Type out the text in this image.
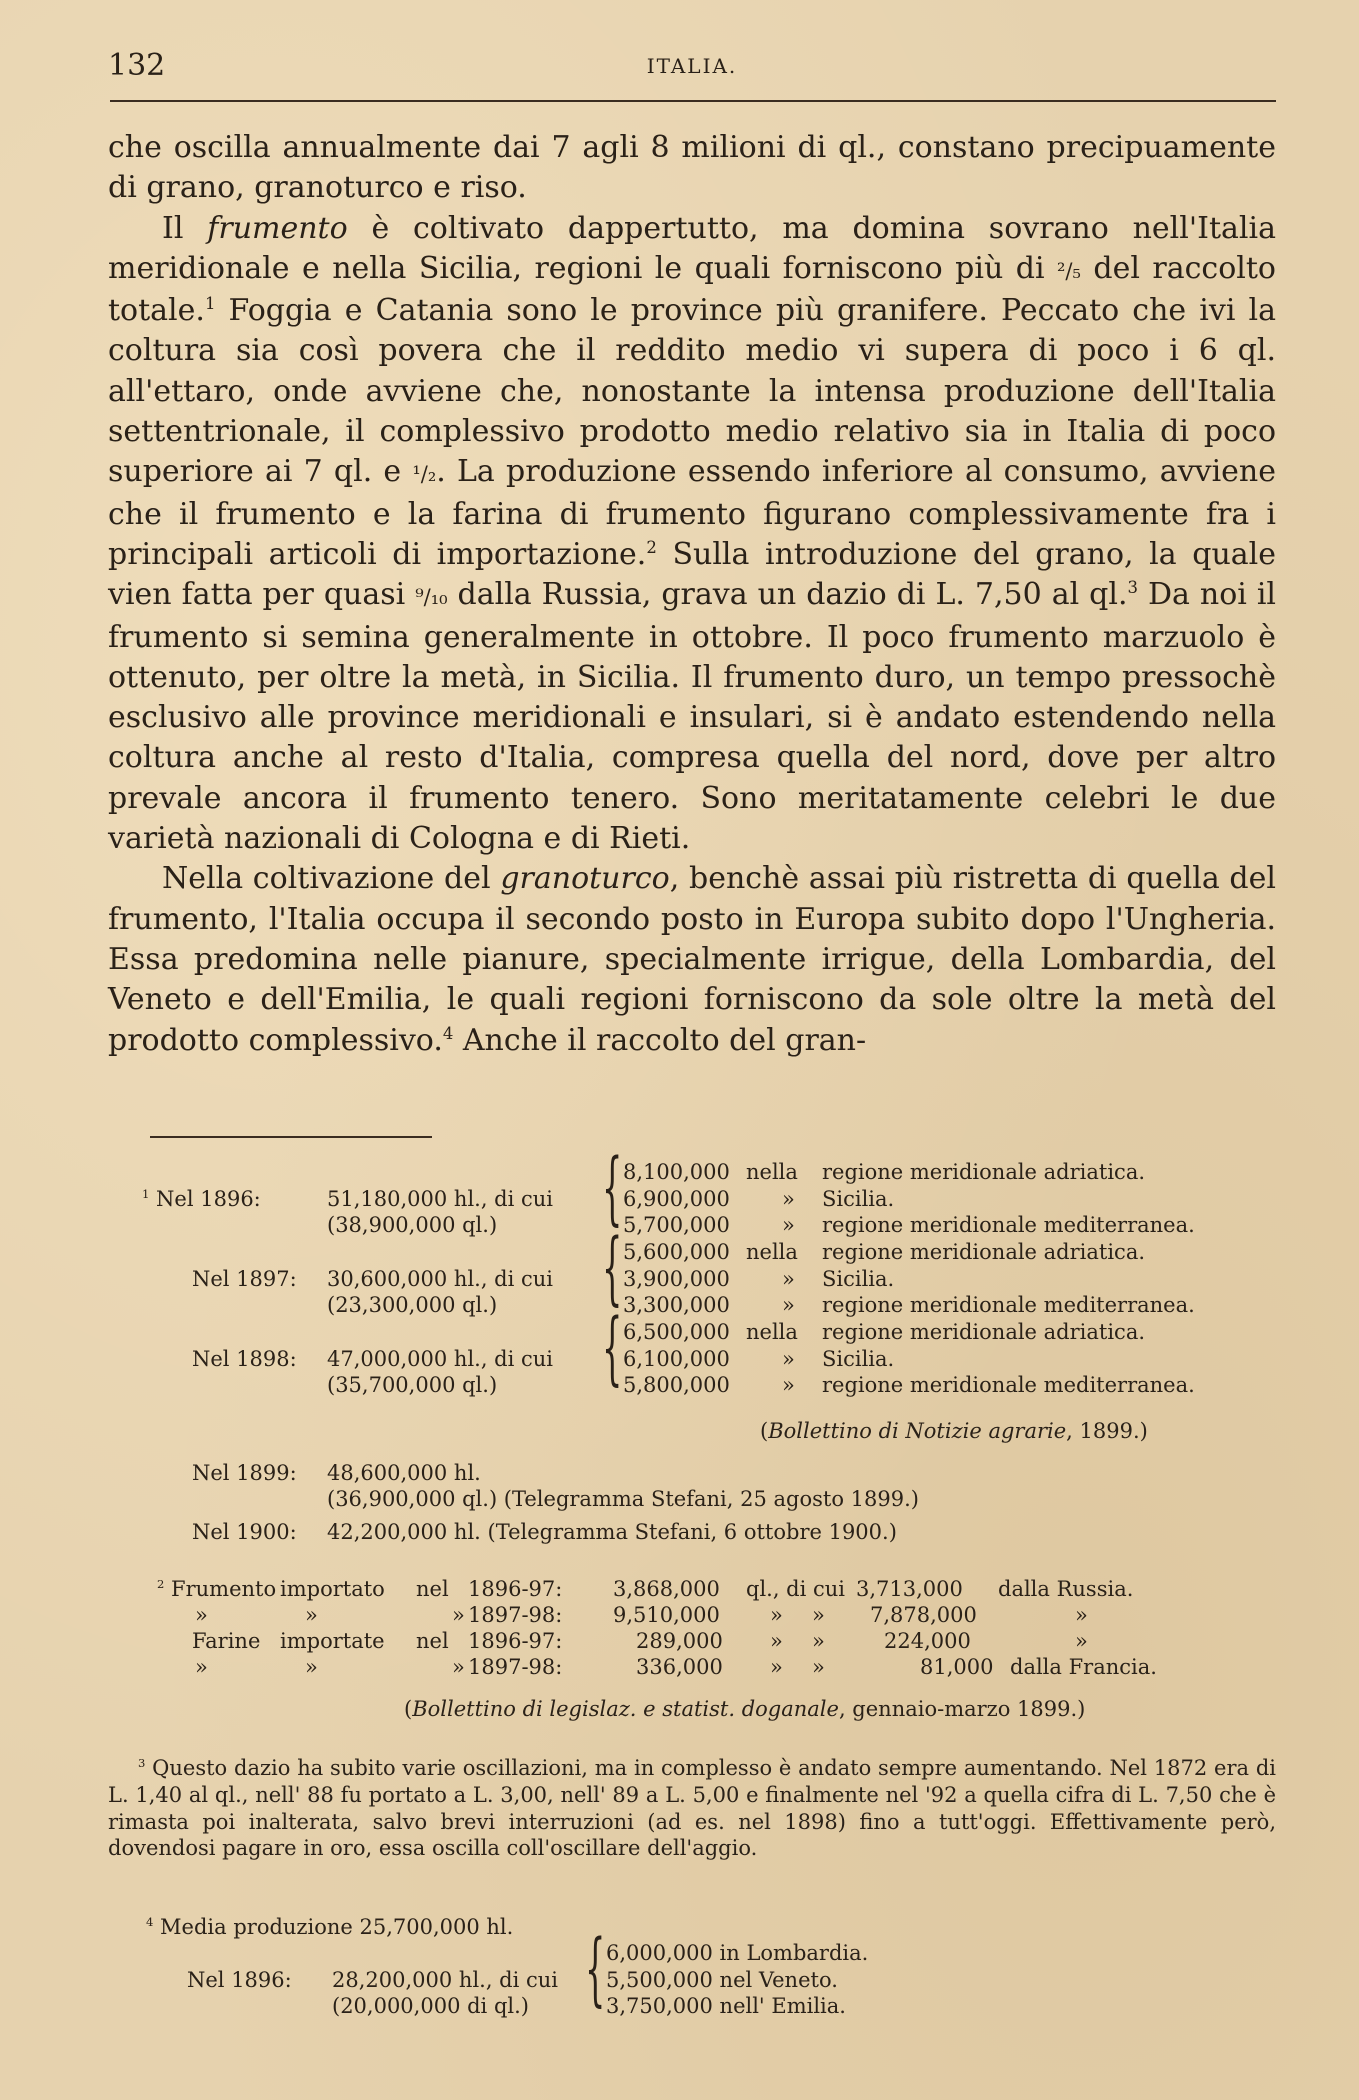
132	ITALIA.

che oscilla annualmente dai 7 agli 8 milioni di ql., constano precipuamente di grano, granoturco e riso.

Il frumento è coltivato dappertutto, ma domina sovrano nell'Italia meridionale e nella Sicilia, regioni le quali forniscono più di ²/₅ del raccolto totale.$^1$ Foggia e Catania sono le province più granifere. Peccato che ivi la coltura sia così povera che il reddito medio vi supera di poco i 6 ql. all'ettaro, onde avviene che, nonostante la intensa produzione dell'Italia settentrionale, il complessivo prodotto medio relativo sia in Italia di poco superiore ai 7 ql. e ¹/₂. La produzione essendo inferiore al consumo, avviene che il frumento e la farina di frumento figurano complessivamente fra i principali articoli di importazione.$^2$ Sulla introduzione del grano, la quale vien fatta per quasi ⁹/₁₀ dalla Russia, grava un dazio di L. 7,50 al ql.$^3$ Da noi il frumento si semina generalmente in ottobre. Il poco frumento marzuolo è ottenuto, per oltre la metà, in Sicilia. Il frumento duro, un tempo pressochè esclusivo alle province meridionali e insulari, si è andato estendendo nella coltura anche al resto d'Italia, compresa quella del nord, dove per altro prevale ancora il frumento tenero. Sono meritatamente celebri le due varietà nazionali di Cologna e di Rieti.

Nella coltivazione del granoturco, benchè assai più ristretta di quella del frumento, l'Italia occupa il secondo posto in Europa subito dopo l'Ungheria. Essa predomina nelle pianure, specialmente irrigue, della Lombardia, del Veneto e dell'Emilia, le quali regioni forniscono da sole oltre la metà del prodotto complessivo.$^4$ Anche il raccolto del gran-

$^1$ Nel 1896:	51,180,000 hl., di cui
(38,900,000 ql.) { 8,100,000 nella regione meridionale adriatica.
6,900,000 » Sicilia.
5,700,000 » regione meridionale mediterranea.
Nel 1897: 30,600,000 hl., di cui
(23,300,000 ql.) { 5,600,000 nella regione meridionale adriatica.
3,900,000 » Sicilia.
3,300,000 » regione meridionale mediterranea.
Nel 1898: 47,000,000 hl., di cui
(35,700,000 ql.) { 6,500,000 nella regione meridionale adriatica.
6,100,000 » Sicilia.
5,800,000 » regione meridionale mediterranea.
(Bollettino di Notizie agrarie, 1899.)
Nel 1899: 48,600,000 hl.
(36,900,000 ql.) (Telegramma Stefani, 25 agosto 1899.)
Nel 1900: 42,200,000 hl. (Telegramma Stefani, 6 ottobre 1900.)
$^2$ Frumento importato nel 1896-97: 3,868,000 ql., di cui 3,713,000 dalla Russia.
»	»	» 1897-98: 9,510,000 » » 7,878,000	»
Farine importate nel 1896-97:	289,000 » »	224,000	»
»	»	» 1897-98:	336,000 » »	81,000 dalla Francia.
(Bollettino di legislaz. e statist. doganale, gennaio-marzo 1899.)

$^3$ Questo dazio ha subito varie oscillazioni, ma in complesso è andato sempre aumentando. Nel 1872 era di L. 1,40 al ql., nell' 88 fu portato a L. 3,00, nell' 89 a L. 5,00 e finalmente nel '92 a quella cifra di L. 7,50 che è rimasta poi inalterata, salvo brevi interruzioni (ad es. nel 1898) fino a tutt'oggi. Effettivamente però, dovendosi pagare in oro, essa oscilla coll'oscillare dell'aggio.

$^4$ Media produzione 25,700,000 hl.
Nel 1896: 28,200,000 hl., di cui
(20,000,000 di ql.) { 6,000,000 in Lombardia.
5,500,000 nel Veneto.
3,750,000 nell' Emilia.
